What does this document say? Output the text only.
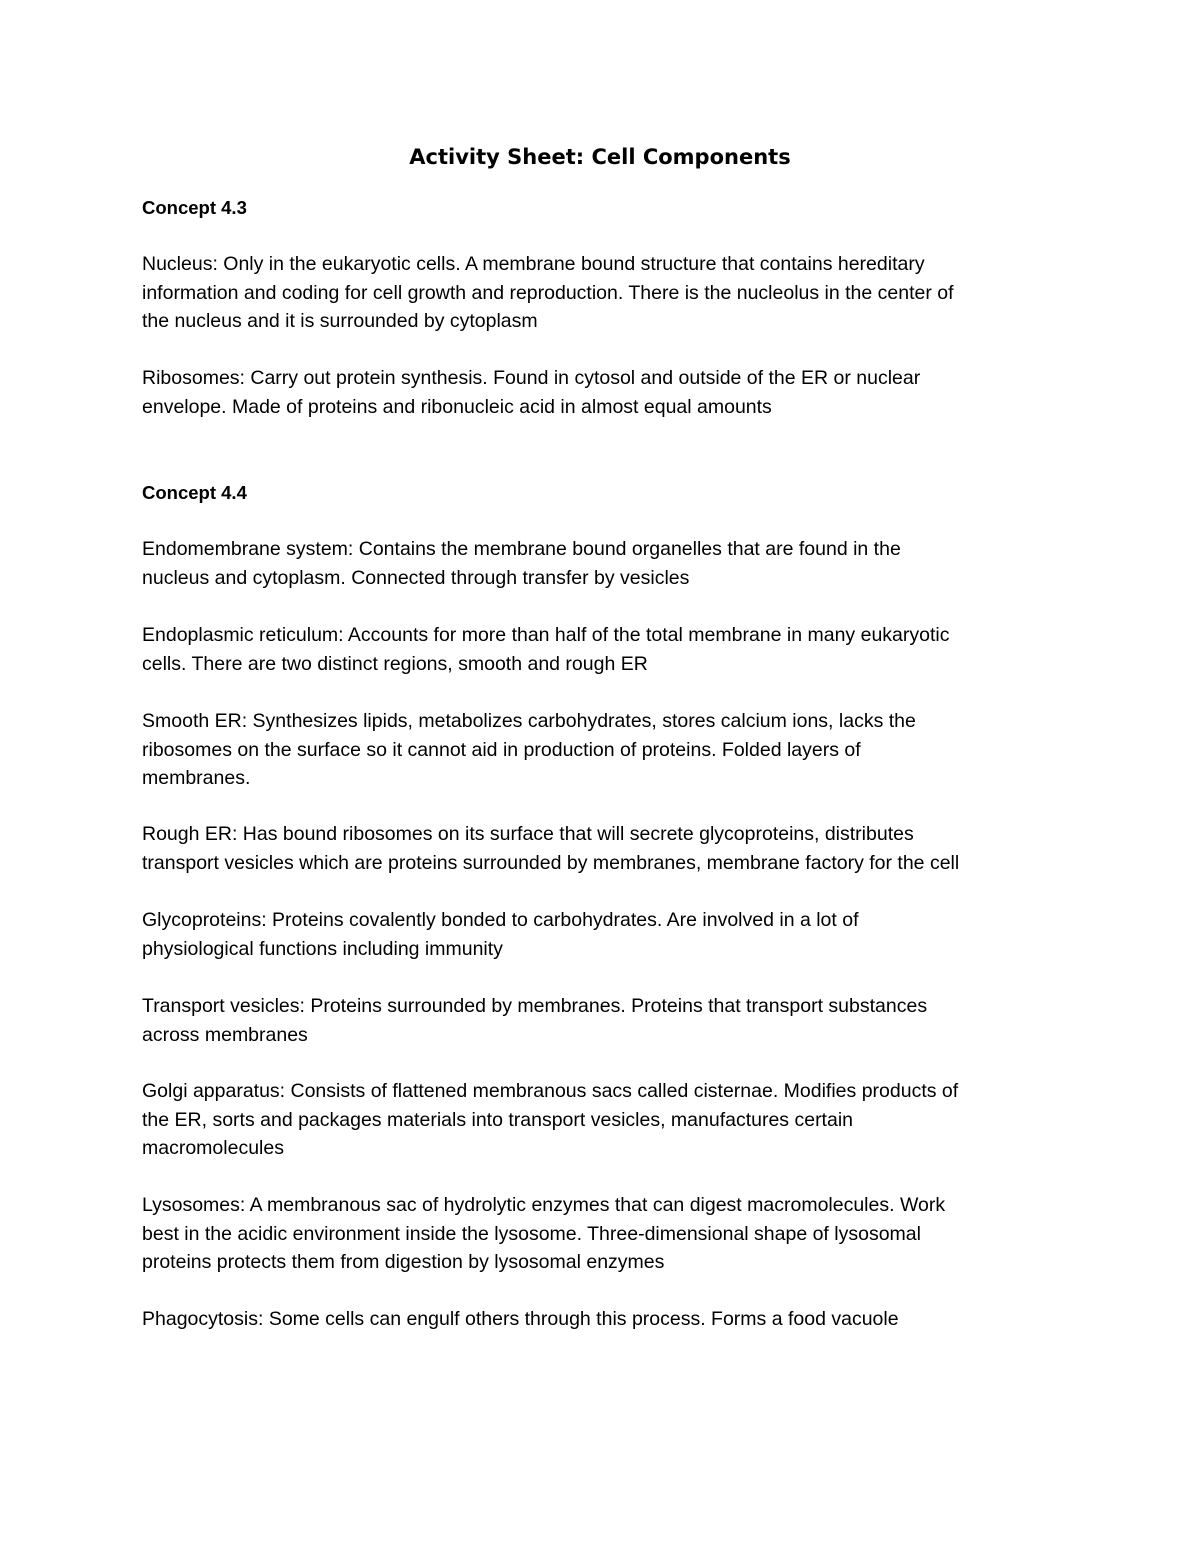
Activity Sheet: Cell Components
Concept 4.3

Nucleus: Only in the eukaryotic cells. A membrane bound structure that contains hereditary
information and coding for cell growth and reproduction. There is the nucleolus in the center of
the nucleus and it is surrounded by cytoplasm

Ribosomes: Carry out protein synthesis. Found in cytosol and outside of the ER or nuclear
envelope. Made of proteins and ribonucleic acid in almost equal amounts

Concept 4.4

Endomembrane system: Contains the membrane bound organelles that are found in the
nucleus and cytoplasm. Connected through transfer by vesicles

Endoplasmic reticulum: Accounts for more than half of the total membrane in many eukaryotic
cells. There are two distinct regions, smooth and rough ER

Smooth ER: Synthesizes lipids, metabolizes carbohydrates, stores calcium ions, lacks the
ribosomes on the surface so it cannot aid in production of proteins. Folded layers of
membranes.

Rough ER: Has bound ribosomes on its surface that will secrete glycoproteins, distributes
transport vesicles which are proteins surrounded by membranes, membrane factory for the cell

Glycoproteins: Proteins covalently bonded to carbohydrates. Are involved in a lot of
physiological functions including immunity

Transport vesicles: Proteins surrounded by membranes. Proteins that transport substances
across membranes

Golgi apparatus: Consists of flattened membranous sacs called cisternae. Modifies products of
the ER, sorts and packages materials into transport vesicles, manufactures certain
macromolecules

Lysosomes: A membranous sac of hydrolytic enzymes that can digest macromolecules. Work
best in the acidic environment inside the lysosome. Three-dimensional shape of lysosomal
proteins protects them from digestion by lysosomal enzymes

Phagocytosis: Some cells can engulf others through this process. Forms a food vacuole
